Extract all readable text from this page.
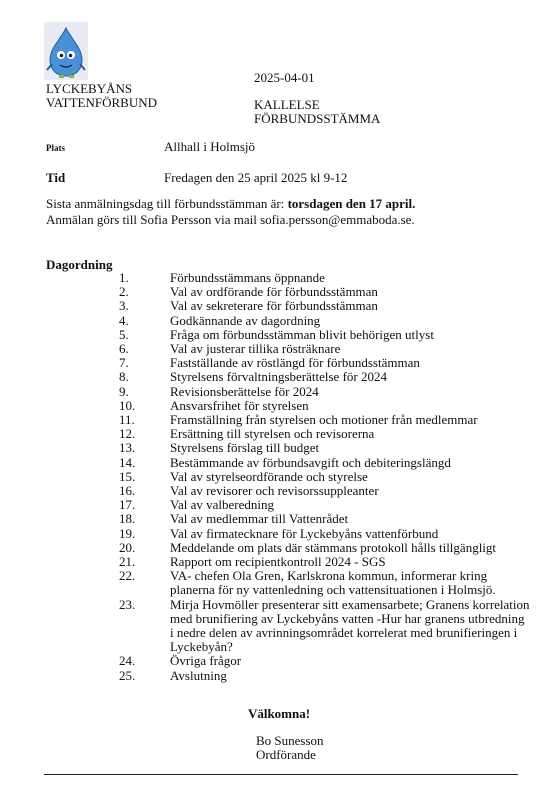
LYCKEBYÅNS
VATTENFÖRBUND
2025-04-01
KALLELSE
FÖRBUNDSSTÄMMA
Plats	Allhall i Holmsjö
Tid	Fredagen den 25 april 2025 kl 9-12
Sista anmälningsdag till förbundsstämman är: torsdagen den 17 april.
Anmälan görs till Sofia Persson via mail sofia.persson@emmaboda.se.
Dagordning
1.	Förbundsstämmans öppnande
2.	Val av ordförande för förbundsstämman
3.	Val av sekreterare för förbundsstämman
4.	Godkännande av dagordning
5.	Fråga om förbundsstämman blivit behörigen utlyst
6.	Val av justerar tillika rösträknare
7.	Fastställande av röstlängd för förbundsstämman
8.	Styrelsens förvaltningsberättelse för 2024
9.	Revisionsberättelse för 2024
10.	Ansvarsfrihet för styrelsen
11.	Framställning från styrelsen och motioner från medlemmar
12.	Ersättning till styrelsen och revisorerna
13.	Styrelsens förslag till budget
14.	Bestämmande av förbundsavgift och debiteringslängd
15.	Val av styrelseordförande och styrelse
16.	Val av revisorer och revisorssuppleanter
17.	Val av valberedning
18.	Val av medlemmar till Vattenrådet
19.	Val av firmatecknare för Lyckebyåns vattenförbund
20.	Meddelande om plats där stämmans protokoll hålls tillgängligt
21.	Rapport om recipientkontroll 2024 - SGS
22.	VA- chefen Ola Gren, Karlskrona kommun, informerar kring planerna för ny vattenledning och vattensituationen i Holmsjö.
23.	Mirja Hovmöller presenterar sitt examensarbete; Granens korrelation med brunifiering av Lyckebyåns vatten -Hur har granens utbredning i nedre delen av avrinningsområdet korrelerat med brunifieringen i Lyckebyån?
24.	Övriga frågor
25.	Avslutning
Välkomna!
Bo Sunesson
Ordförande
